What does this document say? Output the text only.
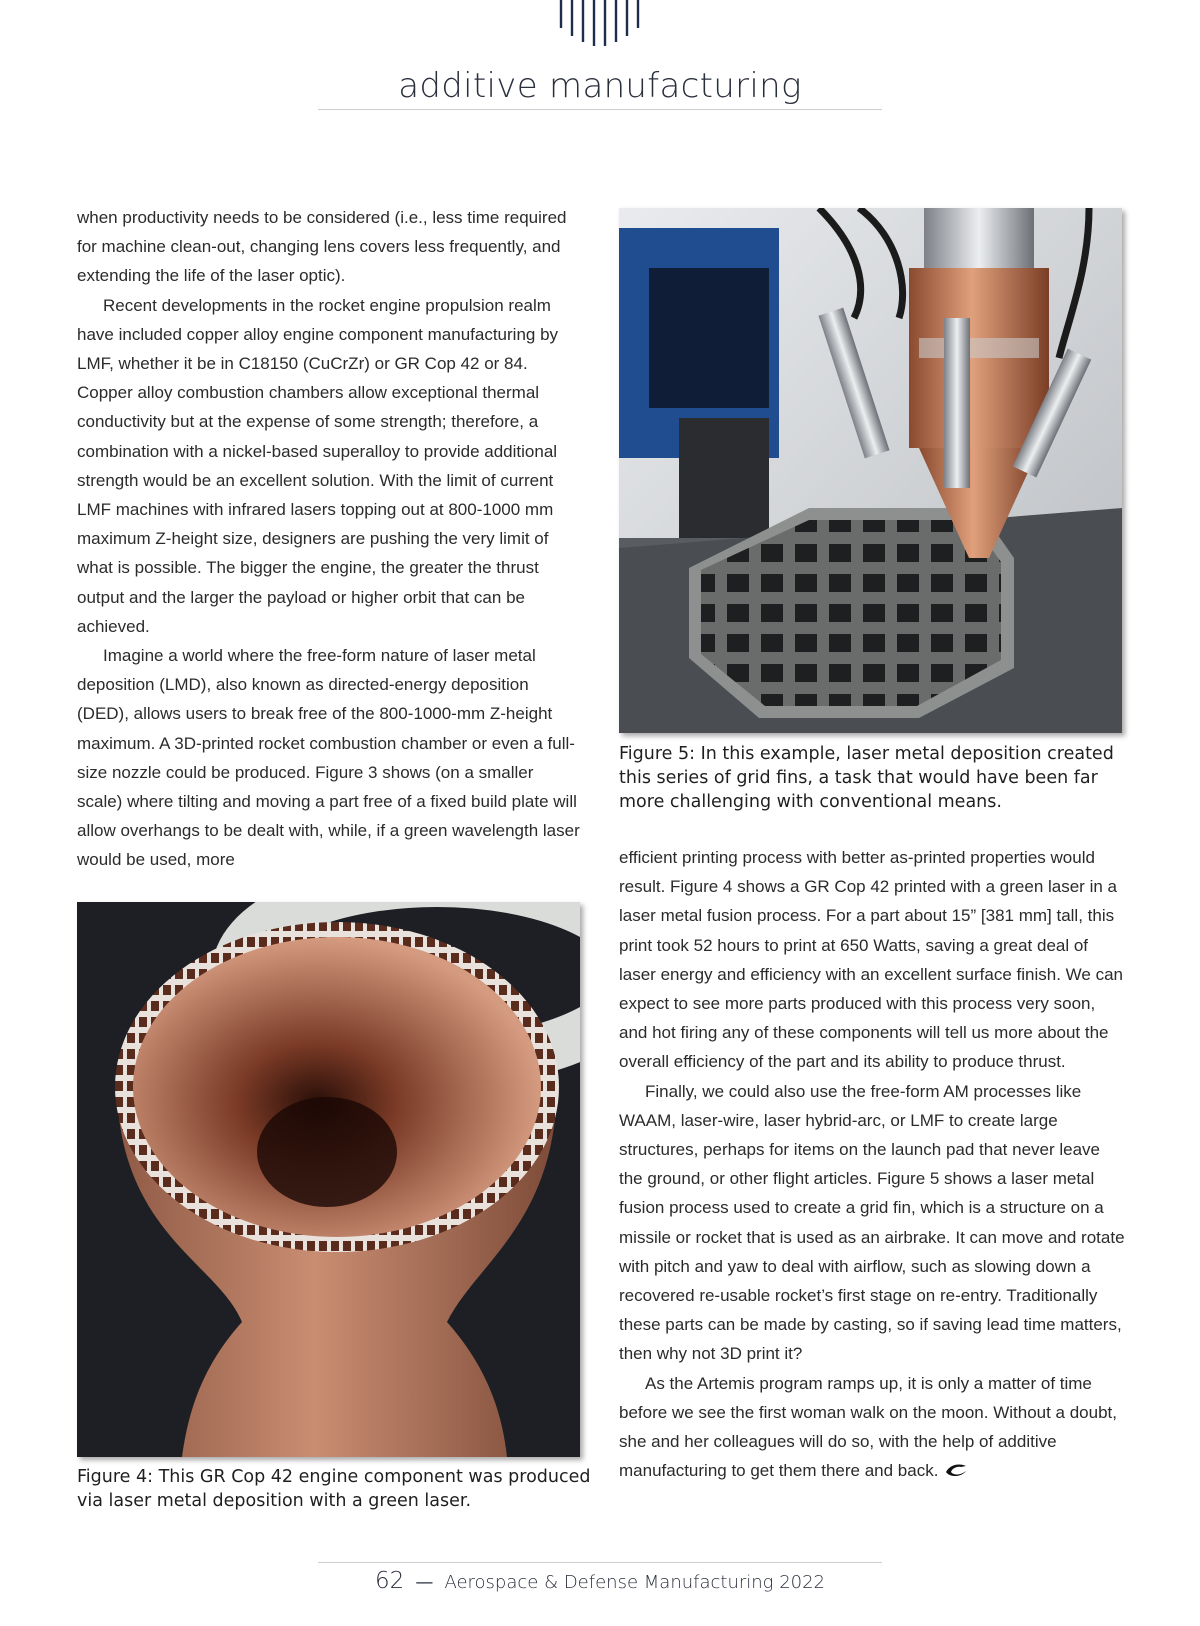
additive manufacturing

when productivity needs to be considered (i.e., less time required for machine clean-out, changing lens covers less frequently, and extending the life of the laser optic).

Recent developments in the rocket engine propulsion realm have included copper alloy engine component manufacturing by LMF, whether it be in C18150 (CuCrZr) or GR Cop 42 or 84. Copper alloy combustion chambers allow exceptional thermal conductivity but at the expense of some strength; therefore, a combination with a nickel-based superalloy to provide additional strength would be an excellent solution. With the limit of current LMF machines with infrared lasers topping out at 800-1000 mm maximum Z-height size, designers are pushing the very limit of what is possible. The bigger the engine, the greater the thrust output and the larger the payload or higher orbit that can be achieved.

Imagine a world where the free-form nature of laser metal deposition (LMD), also known as directed-energy deposition (DED), allows users to break free of the 800-1000-mm Z-height maximum. A 3D-printed rocket combustion chamber or even a full-size nozzle could be produced. Figure 3 shows (on a smaller scale) where tilting and moving a part free of a fixed build plate will allow overhangs to be dealt with, while, if a green wavelength laser would be used, more

Figure 5: In this example, laser metal deposition created this series of grid fins, a task that would have been far more challenging with conventional means.
Figure 4: This GR Cop 42 engine component was produced via laser metal deposition with a green laser.

efficient printing process with better as-printed properties would result. Figure 4 shows a GR Cop 42 printed with a green laser in a laser metal fusion process. For a part about 15” [381 mm] tall, this print took 52 hours to print at 650 Watts, saving a great deal of laser energy and efficiency with an excellent surface finish. We can expect to see more parts produced with this process very soon, and hot firing any of these components will tell us more about the overall efficiency of the part and its ability to produce thrust.

Finally, we could also use the free-form AM processes like WAAM, laser-wire, laser hybrid-arc, or LMF to create large structures, perhaps for items on the launch pad that never leave the ground, or other flight articles. Figure 5 shows a laser metal fusion process used to create a grid fin, which is a structure on a missile or rocket that is used as an airbrake. It can move and rotate with pitch and yaw to deal with airflow, such as slowing down a recovered re-usable rocket’s first stage on re-entry. Traditionally these parts can be made by casting, so if saving lead time matters, then why not 3D print it?

As the Artemis program ramps up, it is only a matter of time before we see the first woman walk on the moon. Without a doubt, she and her colleagues will do so, with the help of additive manufacturing to get them there and back.

62 — Aerospace & Defense Manufacturing 2022
